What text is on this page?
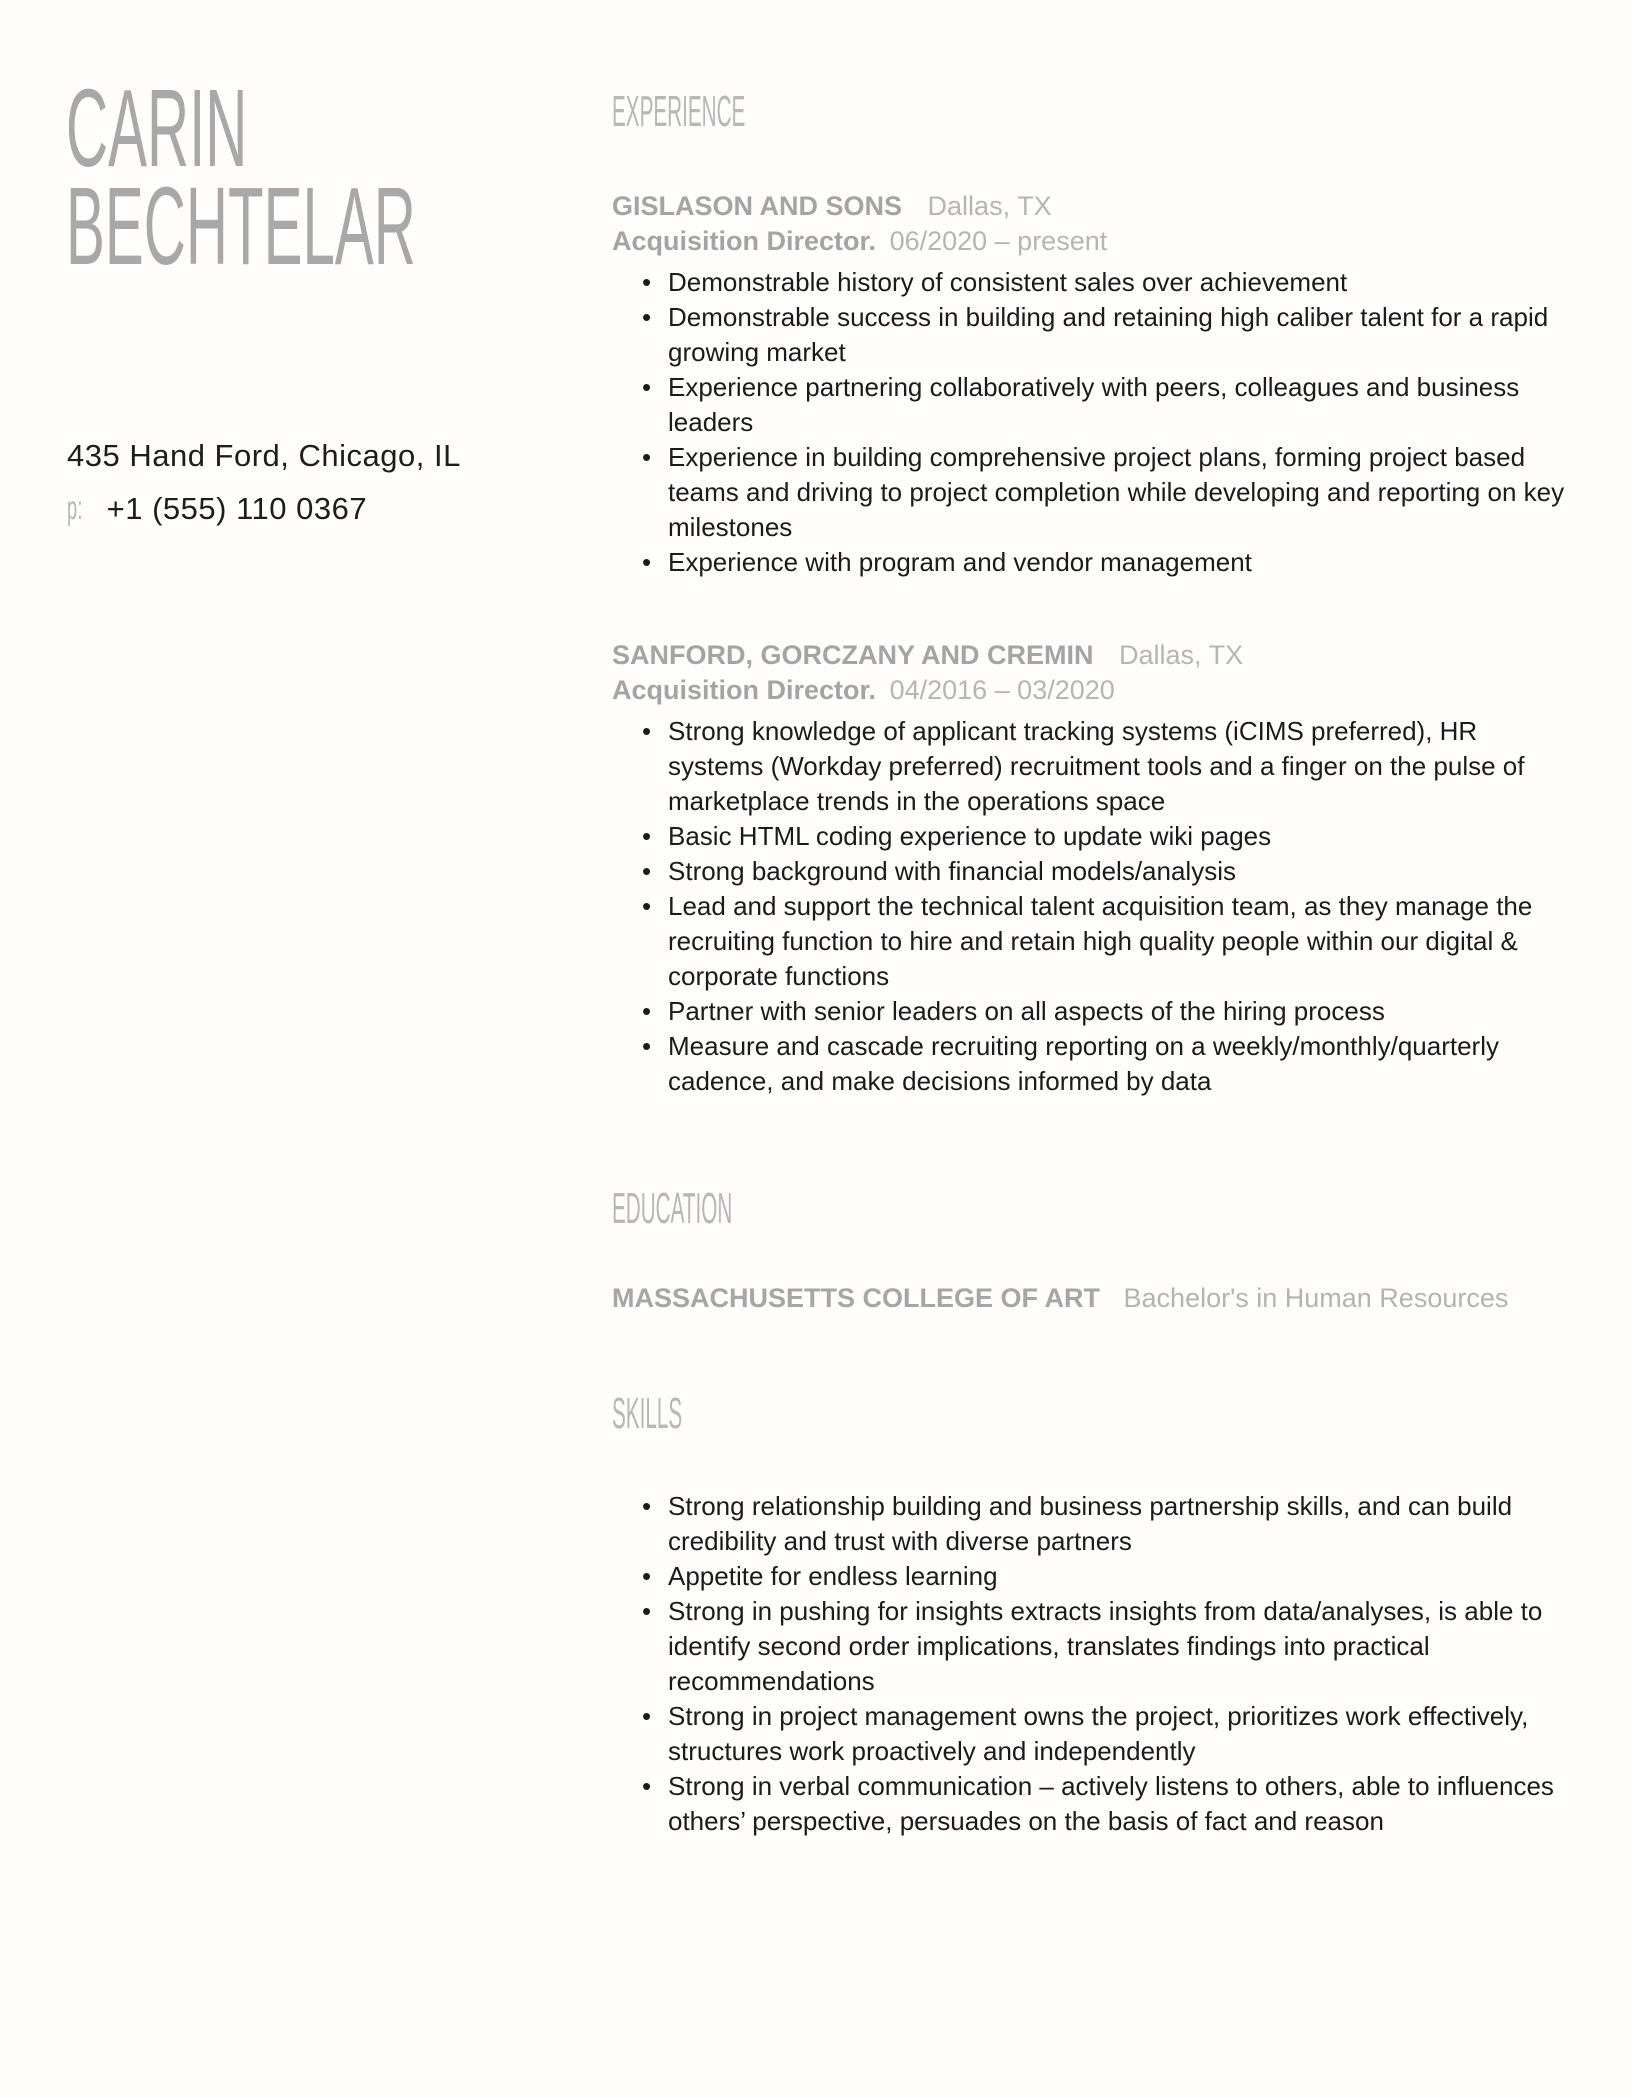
CARIN
BECHTELAR
435 Hand Ford, Chicago, IL
p: +1 (555) 110 0367
EXPERIENCE
GISLASON AND SONS Dallas, TX
Acquisition Director. 06/2020 – present
• Demonstrable history of consistent sales over achievement
• Demonstrable success in building and retaining high caliber talent for a rapid growing market
• Experience partnering collaboratively with peers, colleagues and business leaders
• Experience in building comprehensive project plans, forming project based teams and driving to project completion while developing and reporting on key milestones
• Experience with program and vendor management
SANFORD, GORCZANY AND CREMIN Dallas, TX
Acquisition Director. 04/2016 – 03/2020
• Strong knowledge of applicant tracking systems (iCIMS preferred), HR systems (Workday preferred) recruitment tools and a finger on the pulse of marketplace trends in the operations space
• Basic HTML coding experience to update wiki pages
• Strong background with financial models/analysis
• Lead and support the technical talent acquisition team, as they manage the recruiting function to hire and retain high quality people within our digital & corporate functions
• Partner with senior leaders on all aspects of the hiring process
• Measure and cascade recruiting reporting on a weekly/monthly/quarterly cadence, and make decisions informed by data
EDUCATION
MASSACHUSETTS COLLEGE OF ART Bachelor's in Human Resources
SKILLS
• Strong relationship building and business partnership skills, and can build credibility and trust with diverse partners
• Appetite for endless learning
• Strong in pushing for insights extracts insights from data/analyses, is able to identify second order implications, translates findings into practical recommendations
• Strong in project management owns the project, prioritizes work effectively, structures work proactively and independently
• Strong in verbal communication – actively listens to others, able to influences others’ perspective, persuades on the basis of fact and reason
